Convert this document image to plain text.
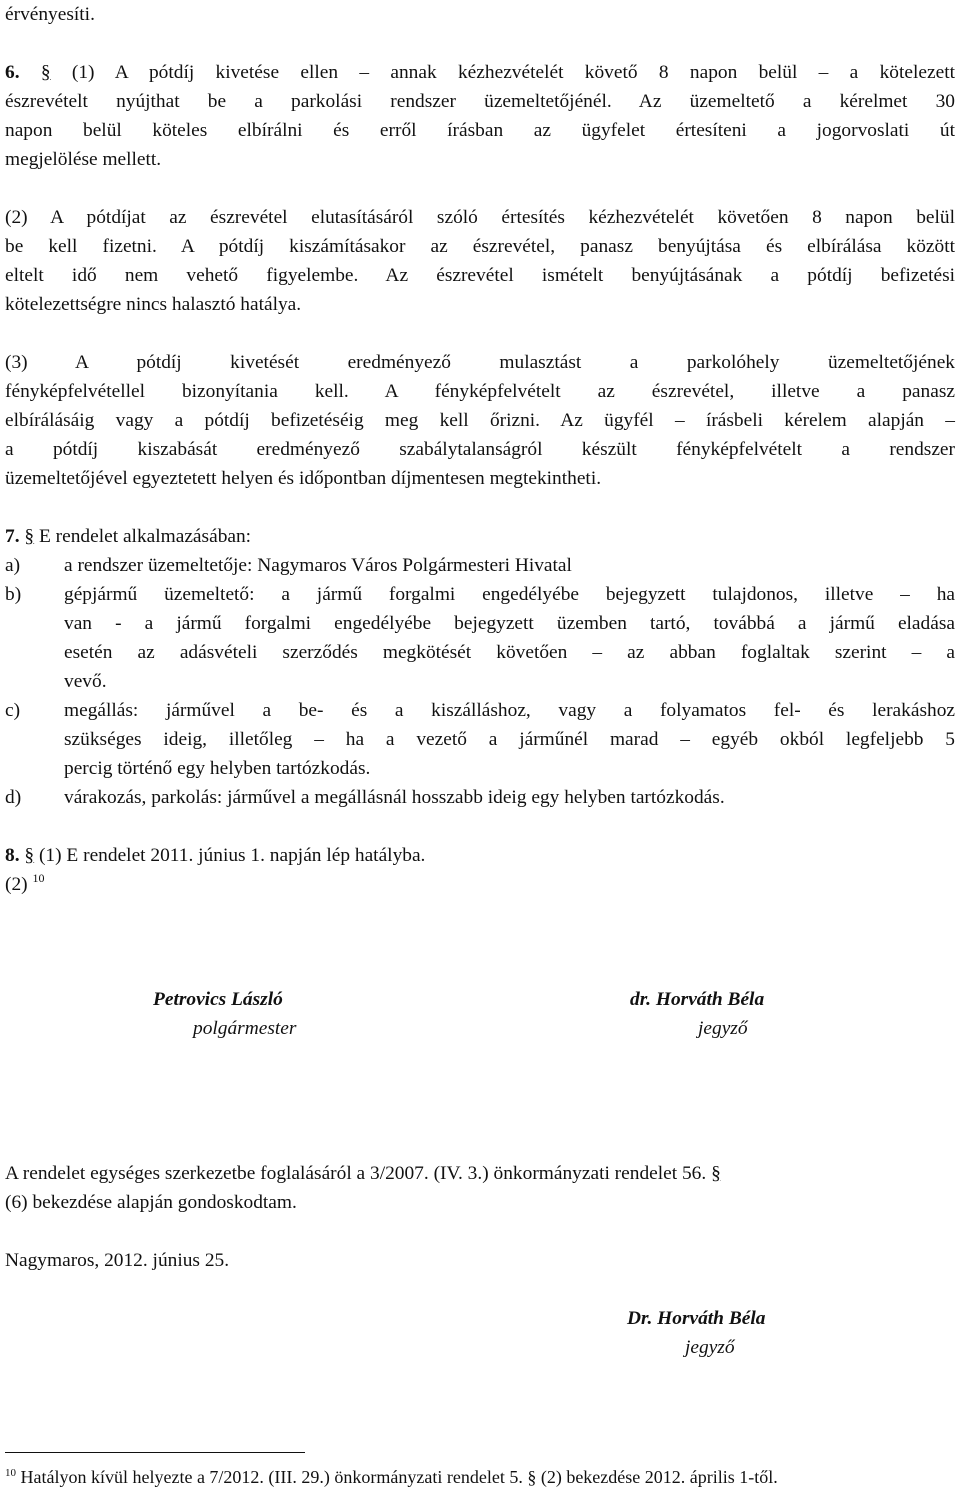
érvényesíti.
6. § (1) A pótdíj kivetése ellen – annak kézhezvételét követő 8 napon belül – a kötelezett
észrevételt nyújthat be a parkolási rendszer üzemeltetőjénél. Az üzemeltető a kérelmet 30
napon belül köteles elbírálni és erről írásban az ügyfelet értesíteni a jogorvoslati út
megjelölése mellett.
(2) A pótdíjat az észrevétel elutasításáról szóló értesítés kézhezvételét követően 8 napon belül
be kell fizetni. A pótdíj kiszámításakor az észrevétel, panasz benyújtása és elbírálása között
eltelt idő nem vehető figyelembe. Az észrevétel ismételt benyújtásának a pótdíj befizetési
kötelezettségre nincs halasztó hatálya.
(3) A pótdíj kivetését eredményező mulasztást a parkolóhely üzemeltetőjének
fényképfelvétellel bizonyítania kell. A fényképfelvételt az észrevétel, illetve a panasz
elbírálásáig vagy a pótdíj befizetéséig meg kell őrizni. Az ügyfél – írásbeli kérelem alapján –
a pótdíj kiszabását eredményező szabálytalanságról készült fényképfelvételt a rendszer
üzemeltetőjével egyeztetett helyen és időpontban díjmentesen megtekintheti.
7. § E rendelet alkalmazásában:
a) a rendszer üzemeltetője: Nagymaros Város Polgármesteri Hivatal
b) gépjármű üzemeltető: a jármű forgalmi engedélyébe bejegyzett tulajdonos, illetve – ha
van - a jármű forgalmi engedélyébe bejegyzett üzemben tartó, továbbá a jármű eladása
esetén az adásvételi szerződés megkötését követően – az abban foglaltak szerint – a
vevő.
c) megállás: járművel a be- és a kiszálláshoz, vagy a folyamatos fel- és lerakáshoz
szükséges ideig, illetőleg – ha a vezető a járműnél marad – egyéb okból legfeljebb 5
percig történő egy helyben tartózkodás.
d) várakozás, parkolás: járművel a megállásnál hosszabb ideig egy helyben tartózkodás.
8. § (1) E rendelet 2011. június 1. napján lép hatályba.
(2) $^{10}$
Petrovics László
polgármester
dr. Horváth Béla
jegyző
A rendelet egységes szerkezetbe foglalásáról a 3/2007. (IV. 3.) önkormányzati rendelet 56. §
(6) bekezdése alapján gondoskodtam.
Nagymaros, 2012. június 25.
Dr. Horváth Béla
jegyző
$^{10}$ Hatályon kívül helyezte a 7/2012. (III. 29.) önkormányzati rendelet 5. § (2) bekezdése 2012. április 1-től.
